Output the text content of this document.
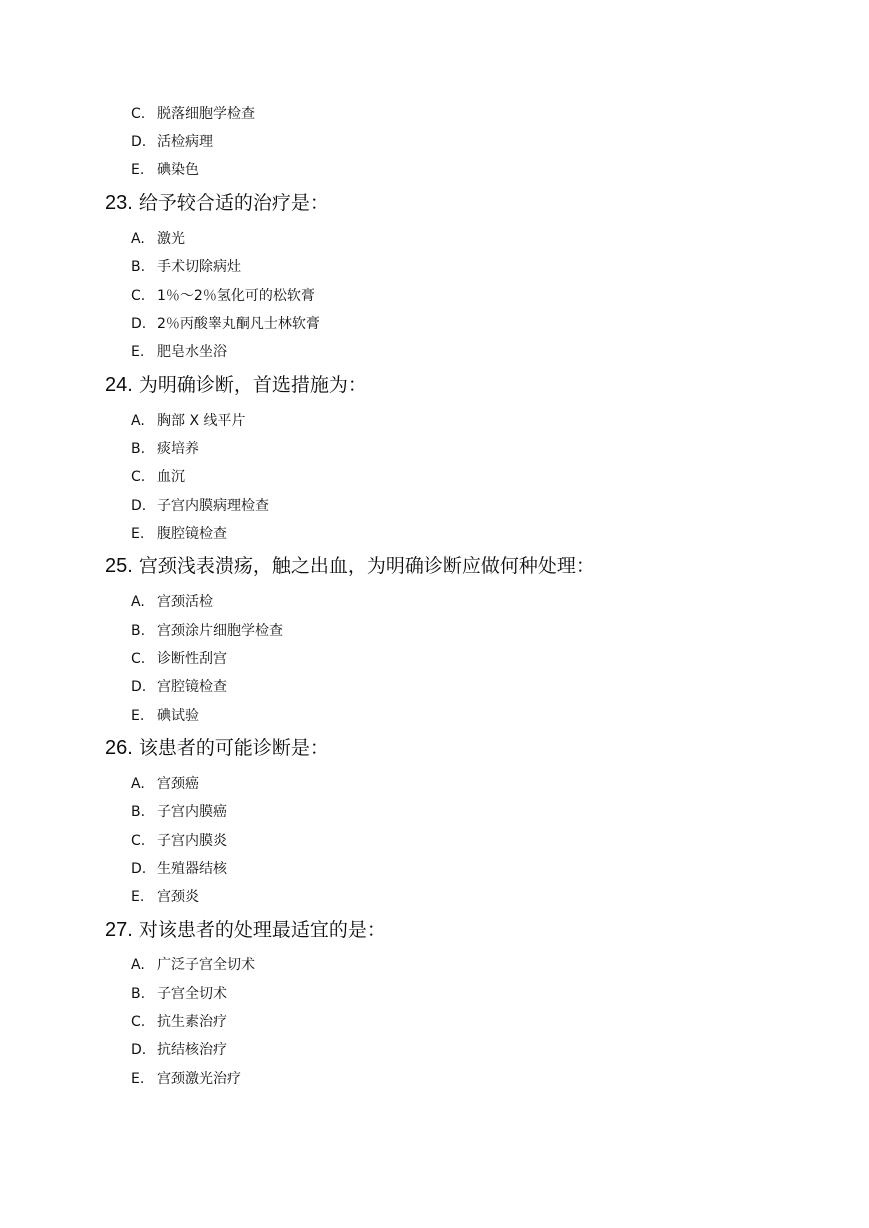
C. 脱落细胞学检查
D. 活检病理
E. 碘染色
23. 给予较合适的治疗是：
A. 激光
B. 手术切除病灶
C. 1％～2％氢化可的松软膏
D. 2％丙酸睾丸酮凡士林软膏
E. 肥皂水坐浴
24. 为明确诊断，首选措施为：
A. 胸部 X 线平片
B. 痰培养
C. 血沉
D. 子宫内膜病理检查
E. 腹腔镜检查
25. 宫颈浅表溃疡，触之出血，为明确诊断应做何种处理：
A. 宫颈活检
B. 宫颈涂片细胞学检查
C. 诊断性刮宫
D. 宫腔镜检查
E. 碘试验
26. 该患者的可能诊断是：
A. 宫颈癌
B. 子宫内膜癌
C. 子宫内膜炎
D. 生殖器结核
E. 宫颈炎
27. 对该患者的处理最适宜的是：
A. 广泛子宫全切术
B. 子宫全切术
C. 抗生素治疗
D. 抗结核治疗
E. 宫颈激光治疗
